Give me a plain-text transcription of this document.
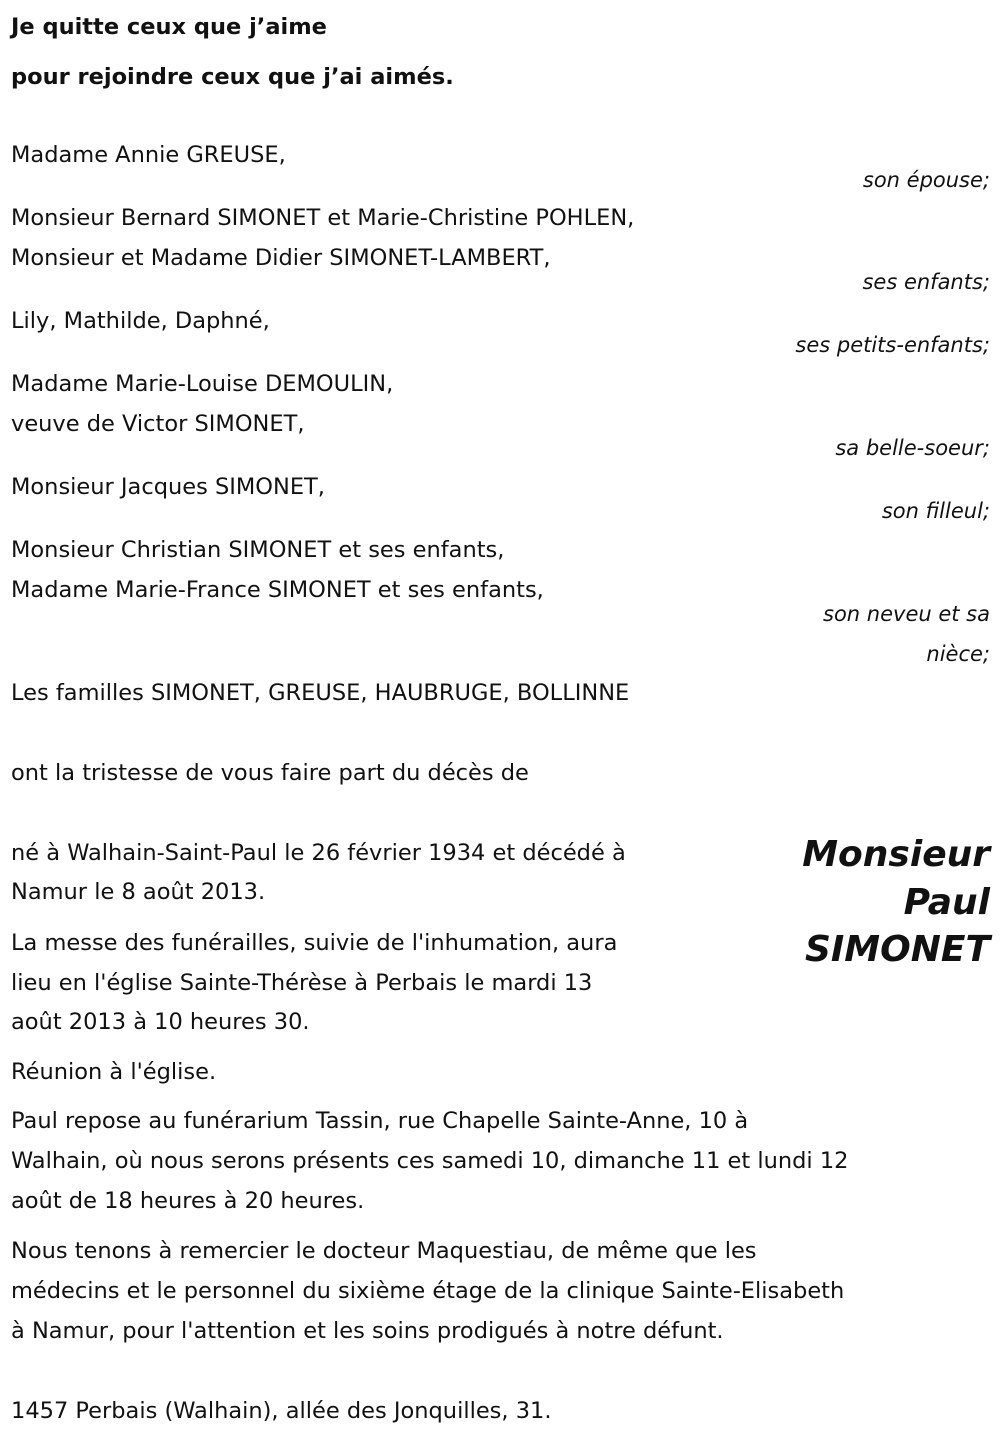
Je quitte ceux que j’aime
pour rejoindre ceux que j’ai aimés.
Madame Annie GREUSE,
son épouse;
Monsieur Bernard SIMONET et Marie-Christine POHLEN,
Monsieur et Madame Didier SIMONET-LAMBERT,
ses enfants;
Lily, Mathilde, Daphné,
ses petits-enfants;
Madame Marie-Louise DEMOULIN,
veuve de Victor SIMONET,
sa belle-soeur;
Monsieur Jacques SIMONET,
son filleul;
Monsieur Christian SIMONET et ses enfants,
Madame Marie-France SIMONET et ses enfants,
son neveu et sa
nièce;
Les familles SIMONET, GREUSE, HAUBRUGE, BOLLINNE
ont la tristesse de vous faire part du décès de
Monsieur
Paul
SIMONET
né à Walhain-Saint-Paul le 26 février 1934 et décédé à
Namur le 8 août 2013.
La messe des funérailles, suivie de l'inhumation, aura
lieu en l'église Sainte-Thérèse à Perbais le mardi 13
août 2013 à 10 heures 30.
Réunion à l'église.
Paul repose au funérarium Tassin, rue Chapelle Sainte-Anne, 10 à
Walhain, où nous serons présents ces samedi 10, dimanche 11 et lundi 12
août de 18 heures à 20 heures.
Nous tenons à remercier le docteur Maquestiau, de même que les
médecins et le personnel du sixième étage de la clinique Sainte-Elisabeth
à Namur, pour l'attention et les soins prodigués à notre défunt.
1457 Perbais (Walhain), allée des Jonquilles, 31.
